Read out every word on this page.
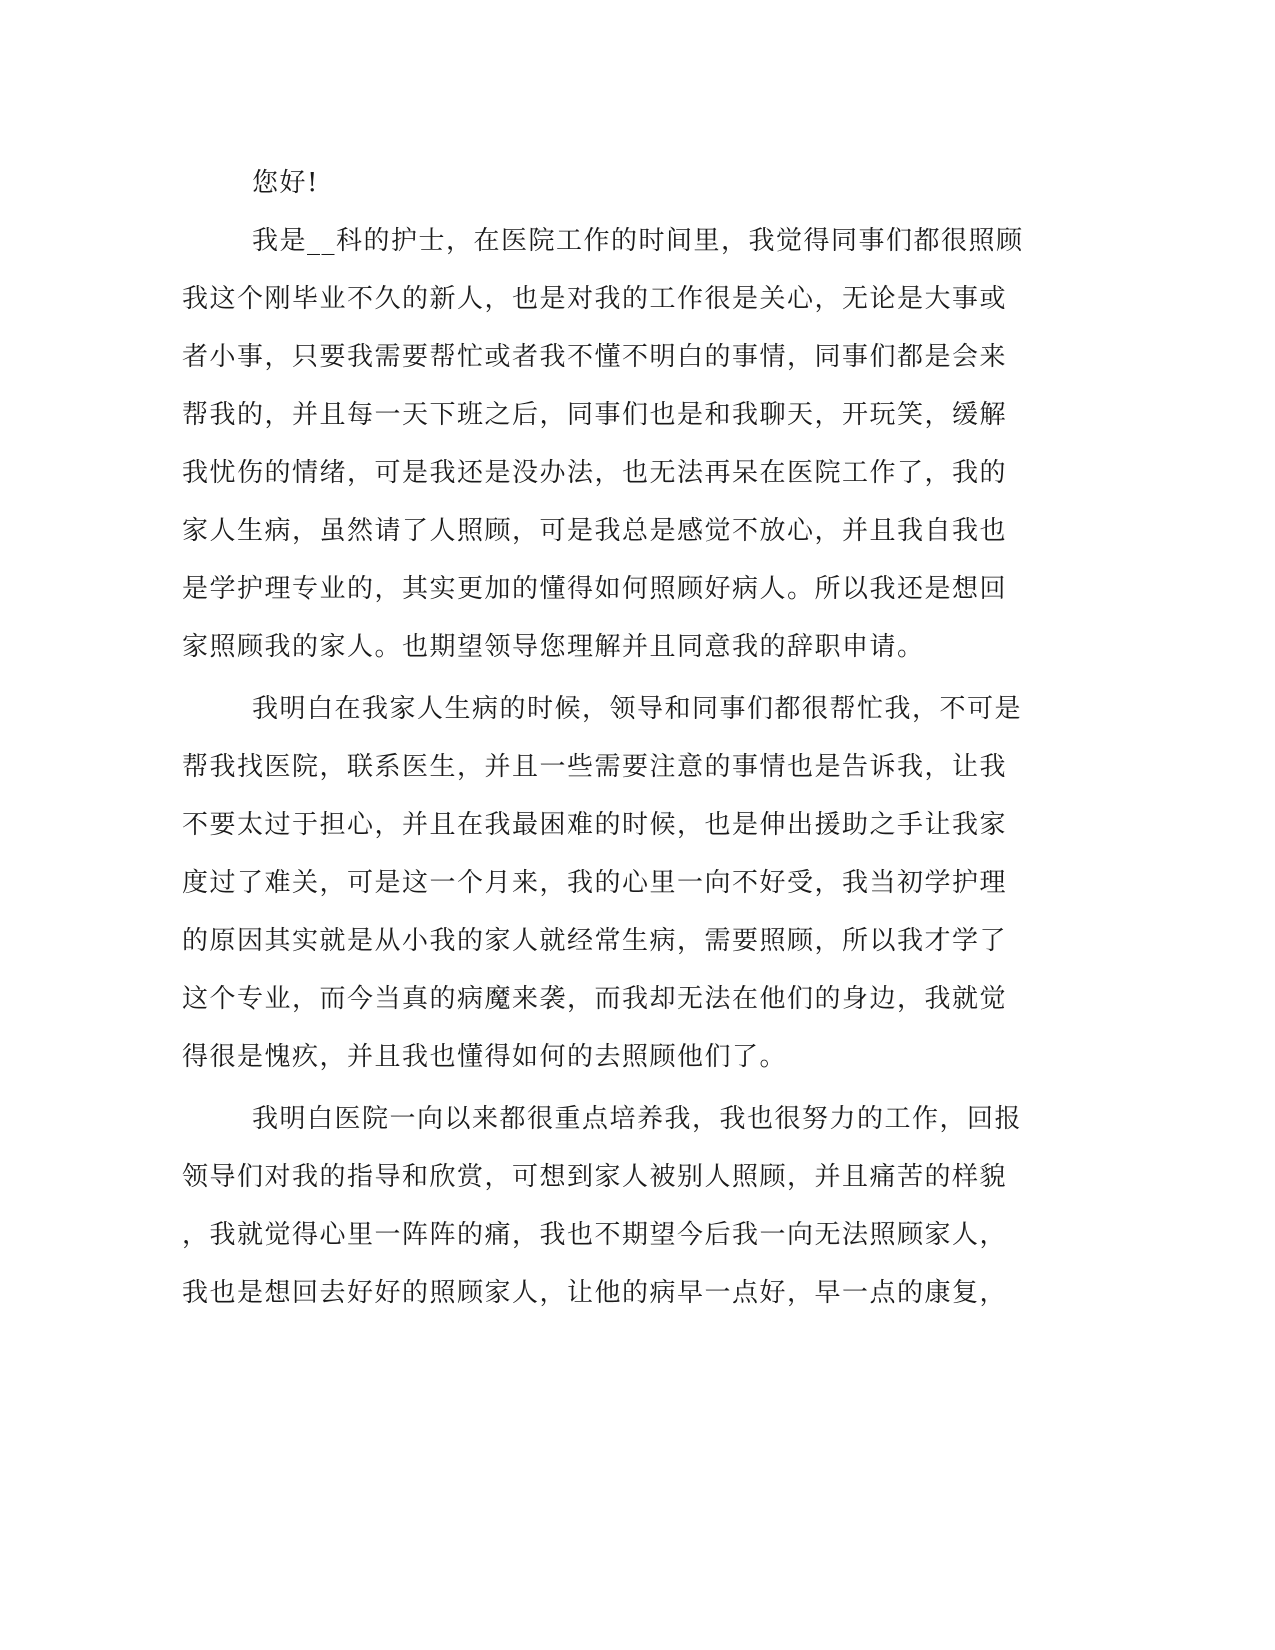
您好!
我是__科的护士，在医院工作的时间里，我觉得同事们都很照顾
我这个刚毕业不久的新人，也是对我的工作很是关心，无论是大事或
者小事，只要我需要帮忙或者我不懂不明白的事情，同事们都是会来
帮我的，并且每一天下班之后，同事们也是和我聊天，开玩笑，缓解
我忧伤的情绪，可是我还是没办法，也无法再呆在医院工作了，我的
家人生病，虽然请了人照顾，可是我总是感觉不放心，并且我自我也
是学护理专业的，其实更加的懂得如何照顾好病人。所以我还是想回
家照顾我的家人。也期望领导您理解并且同意我的辞职申请。
我明白在我家人生病的时候，领导和同事们都很帮忙我，不可是
帮我找医院，联系医生，并且一些需要注意的事情也是告诉我，让我
不要太过于担心，并且在我最困难的时候，也是伸出援助之手让我家
度过了难关，可是这一个月来，我的心里一向不好受，我当初学护理
的原因其实就是从小我的家人就经常生病，需要照顾，所以我才学了
这个专业，而今当真的病魔来袭，而我却无法在他们的身边，我就觉
得很是愧疚，并且我也懂得如何的去照顾他们了。
我明白医院一向以来都很重点培养我，我也很努力的工作，回报
领导们对我的指导和欣赏，可想到家人被别人照顾，并且痛苦的样貌
，我就觉得心里一阵阵的痛，我也不期望今后我一向无法照顾家人，
我也是想回去好好的照顾家人，让他的病早一点好，早一点的康复，
